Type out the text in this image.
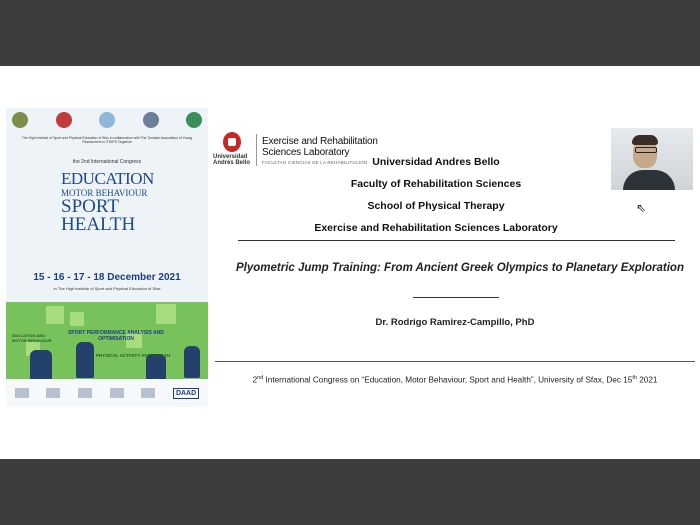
The High Institute of Sport and Physical Education of Sfax in collaboration with The Tunisian Association of Young Researchers in STAPS Organize
the 2nd International Congress
EDUCATION
MOTOR BEHAVIOUR
SPORT
HEALTH
15 - 16 - 17 - 18 December 2021
In The High Institute of Sport and Physical Education of Sfax
SPORT PERFORMANCE ANALYSIS AND OPTIMISATION
EDUCATION AND MOTOR BEHAVIOUR
PHYSICAL ACTIVITY AND HEALTH
DAAD
Universidad
Andrés Bello
Exercise and Rehabilitation
Sciences Laboratory
FACULTAD CIENCIAS DE LA REHABILITACIÓN Universidad Andres Bello
Faculty of Rehabilitation Sciences
School of Physical Therapy
Exercise and Rehabilitation Sciences Laboratory
Plyometric Jump Training: From Ancient Greek Olympics to Planetary Exploration
Dr. Rodrigo Ramirez-Campillo, PhD
2nd International Congress on “Education, Motor Behaviour, Sport and Health”, University of Sfax, Dec 15th 2021
⇖
